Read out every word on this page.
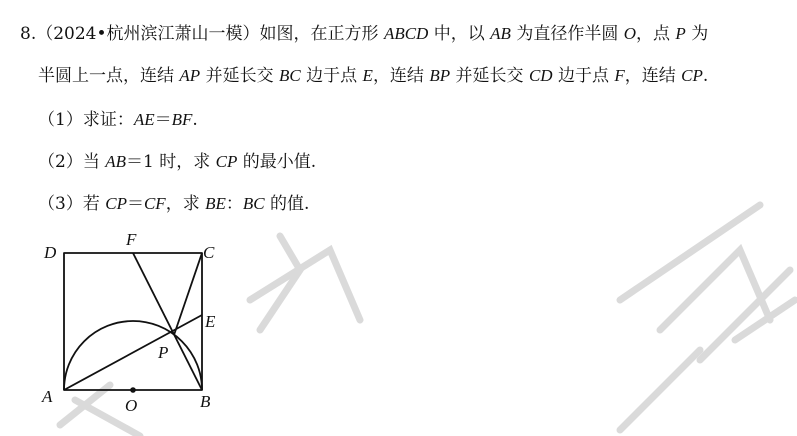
8.（2024•杭州滨江萧山一模）如图，在正方形 ABCD 中，以 AB 为直径作半圆 O，点 P 为
半圆上一点，连结 AP 并延长交 BC 边于点 E，连结 BP 并延长交 CD 边于点 F，连结 CP.
（1）求证：AE＝BF.
（2）当 AB＝1 时，求 CP 的最小值.
（3）若 CP＝CF，求 BE：BC 的值.
D
F
C
E
P
A	O	B
